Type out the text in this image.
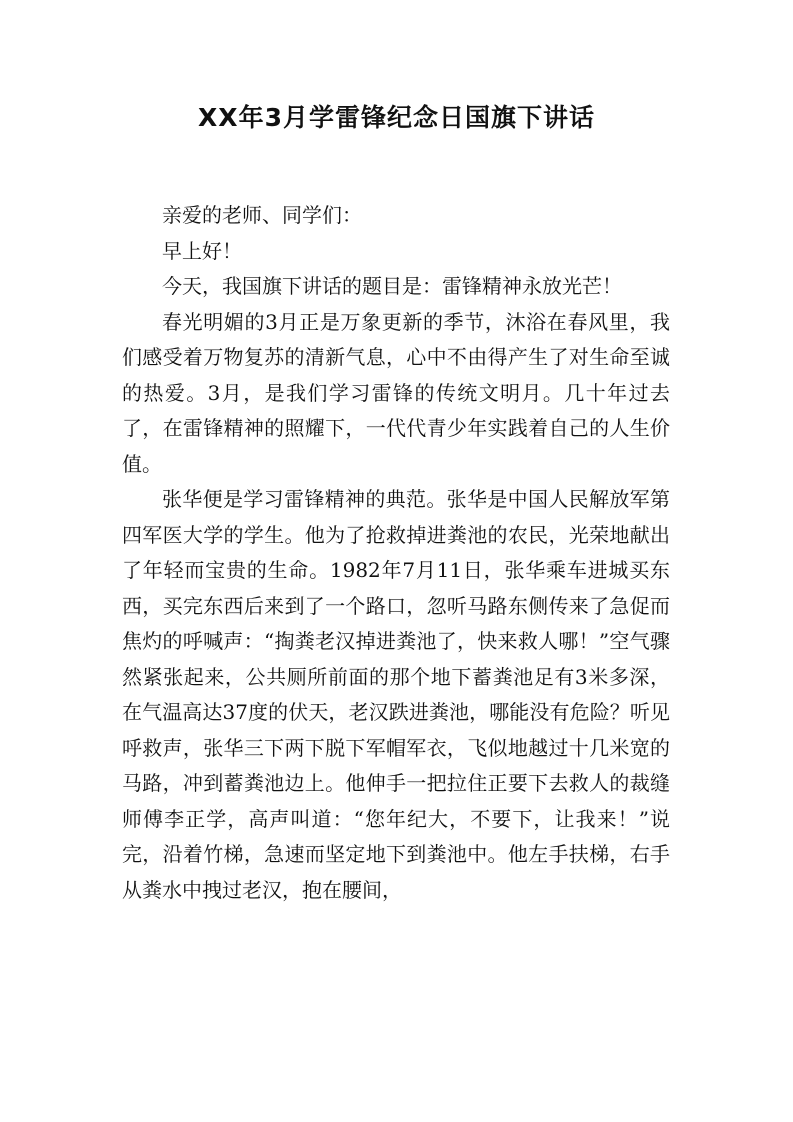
XX年3月学雷锋纪念日国旗下讲话

亲爱的老师、同学们：

早上好！

今天，我国旗下讲话的题目是：雷锋精神永放光芒！

春光明媚的3月正是万象更新的季节，沐浴在春风里，我们感受着万物复苏的清新气息，心中不由得产生了对生命至诚的热爱。3月，是我们学习雷锋的传统文明月。几十年过去了，在雷锋精神的照耀下，一代代青少年实践着自己的人生价值。

张华便是学习雷锋精神的典范。张华是中国人民解放军第四军医大学的学生。他为了抢救掉进粪池的农民，光荣地献出了年轻而宝贵的生命。1982年7月11日，张华乘车进城买东西，买完东西后来到了一个路口，忽听马路东侧传来了急促而焦灼的呼喊声：“掏粪老汉掉进粪池了，快来救人哪！”空气骤然紧张起来，公共厕所前面的那个地下蓄粪池足有3米多深，在气温高达37度的伏天，老汉跌进粪池，哪能没有危险？听见呼救声，张华三下两下脱下军帽军衣，飞似地越过十几米宽的马路，冲到蓄粪池边上。他伸手一把拉住正要下去救人的裁缝师傅李正学，高声叫道：“您年纪大，不要下，让我来！”说完，沿着竹梯，急速而坚定地下到粪池中。他左手扶梯，右手从粪水中拽过老汉，抱在腰间，
